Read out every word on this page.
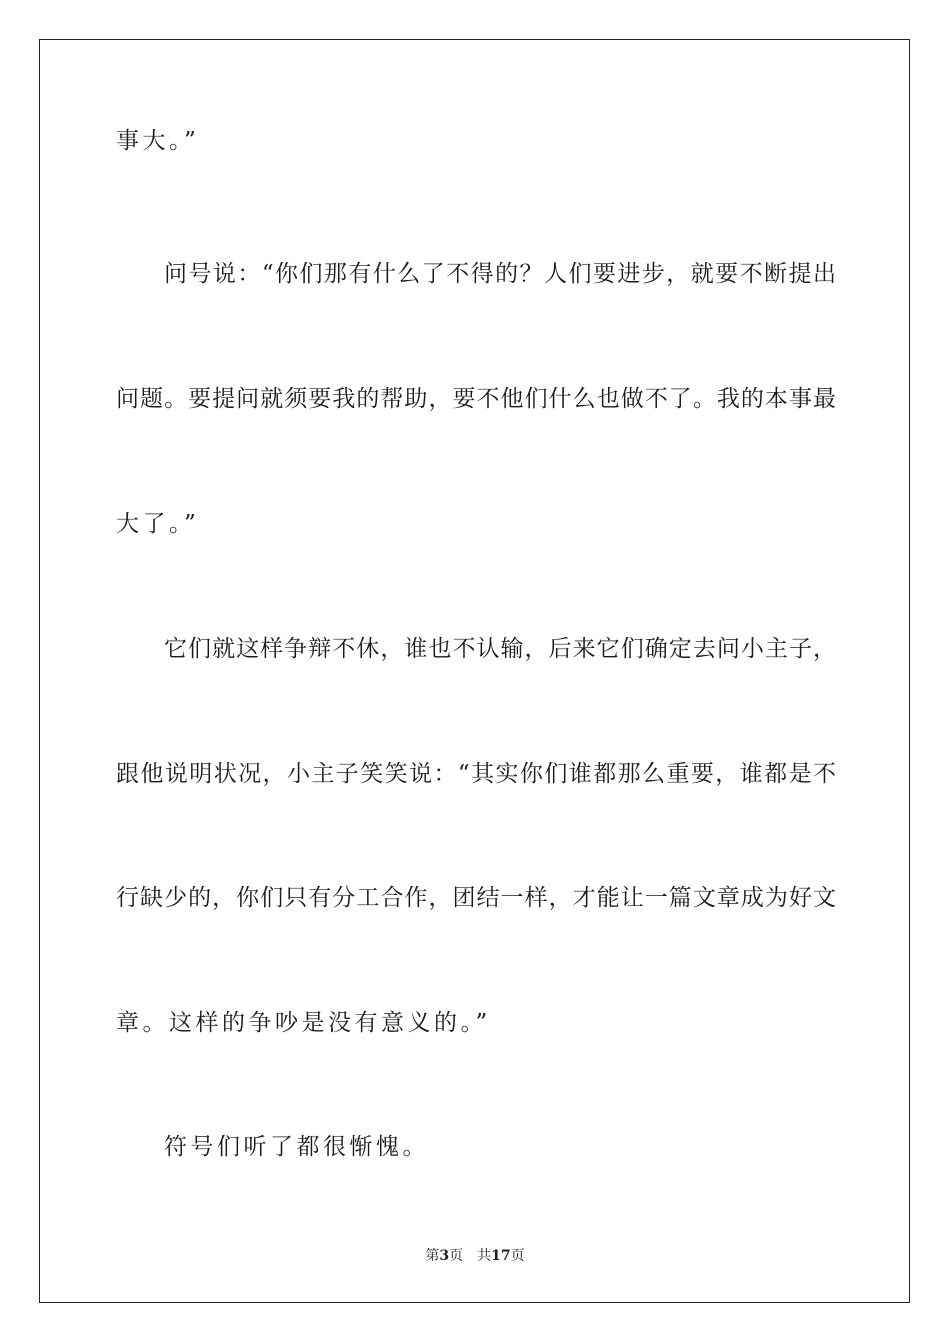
事大。”
问号说：“你们那有什么了不得的？人们要进步，就要不断提出
问题。要提问就须要我的帮助，要不他们什么也做不了。我的本事最
大了。”
它们就这样争辩不休，谁也不认输，后来它们确定去问小主子，
跟他说明状况，小主子笑笑说：“其实你们谁都那么重要，谁都是不
行缺少的，你们只有分工合作，团结一样，才能让一篇文章成为好文
章。这样的争吵是没有意义的。”
符号们听了都很惭愧。
第3页 共17页
